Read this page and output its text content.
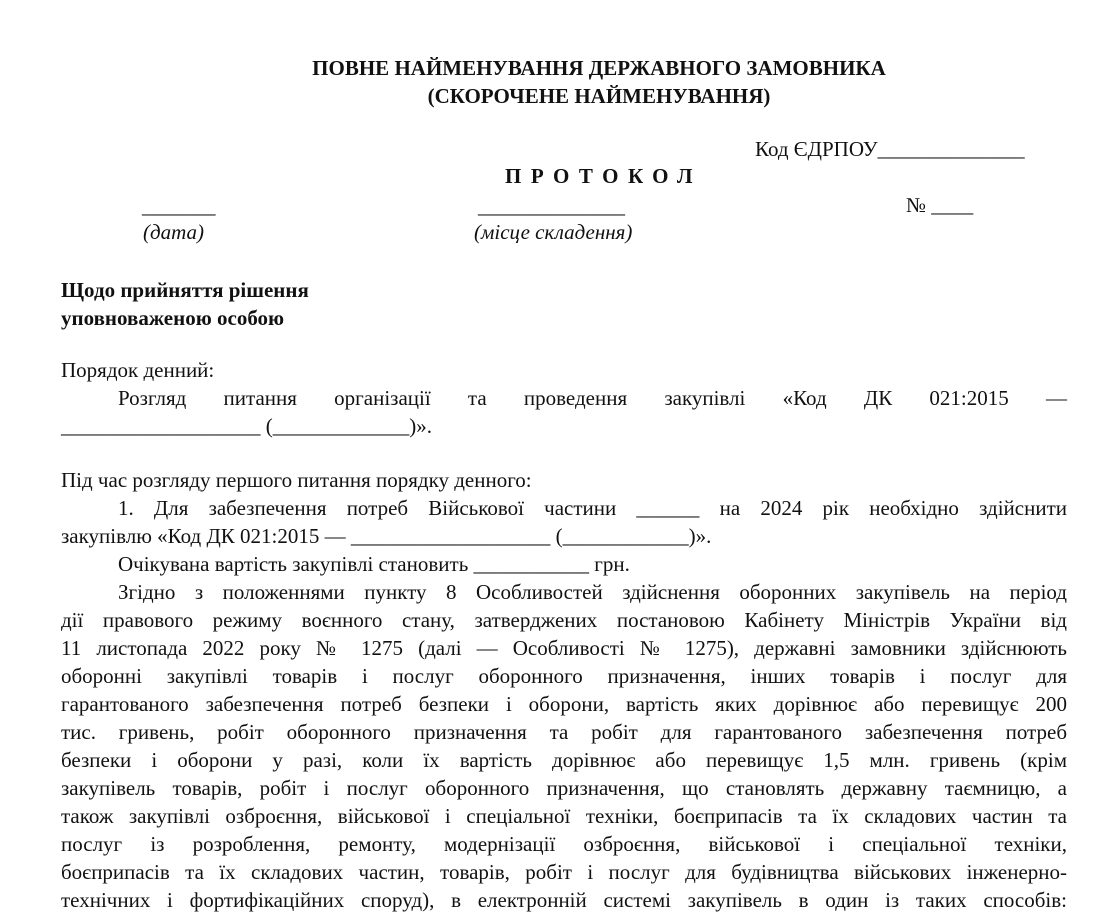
ПОВНЕ НАЙМЕНУВАННЯ ДЕРЖАВНОГО ЗАМОВНИКА
(СКОРОЧЕНЕ НАЙМЕНУВАННЯ)
Код ЄДРПОУ______________
ПРОТОКОЛ
№ ____
_______
(дата)
______________
(місце складення)
Щодо прийняття рішення
уповноваженою особою
Порядок денний:
Розгляд питання організації та проведення закупівлі «Код ДК 021:2015 —
___________________ (_____________)».
Під час розгляду першого питання порядку денного:
1. Для забезпечення потреб Військової частини ______ на 2024 рік необхідно здійснити
закупівлю «Код ДК 021:2015 — ___________________ (____________)».
Очікувана вартість закупівлі становить ___________ грн.
Згідно з положеннями пункту 8 Особливостей здійснення оборонних закупівель на період
дії правового режиму воєнного стану, затверджених постановою Кабінету Міністрів України від
11 листопада 2022 року № 1275 (далі — Особливості № 1275), державні замовники здійснюють
оборонні закупівлі товарів і послуг оборонного призначення, інших товарів і послуг для
гарантованого забезпечення потреб безпеки і оборони, вартість яких дорівнює або перевищує 200
тис. гривень, робіт оборонного призначення та робіт для гарантованого забезпечення потреб
безпеки і оборони у разі, коли їх вартість дорівнює або перевищує 1,5 млн. гривень (крім
закупівель товарів, робіт і послуг оборонного призначення, що становлять державну таємницю, а
також закупівлі озброєння, військової і спеціальної техніки, боєприпасів та їх складових частин та
послуг із розроблення, ремонту, модернізації озброєння, військової і спеціальної техніки,
боєприпасів та їх складових частин, товарів, робіт і послуг для будівництва військових інженерно-
технічних і фортифікаційних споруд), в електронній системі закупівель в один із таких способів:
